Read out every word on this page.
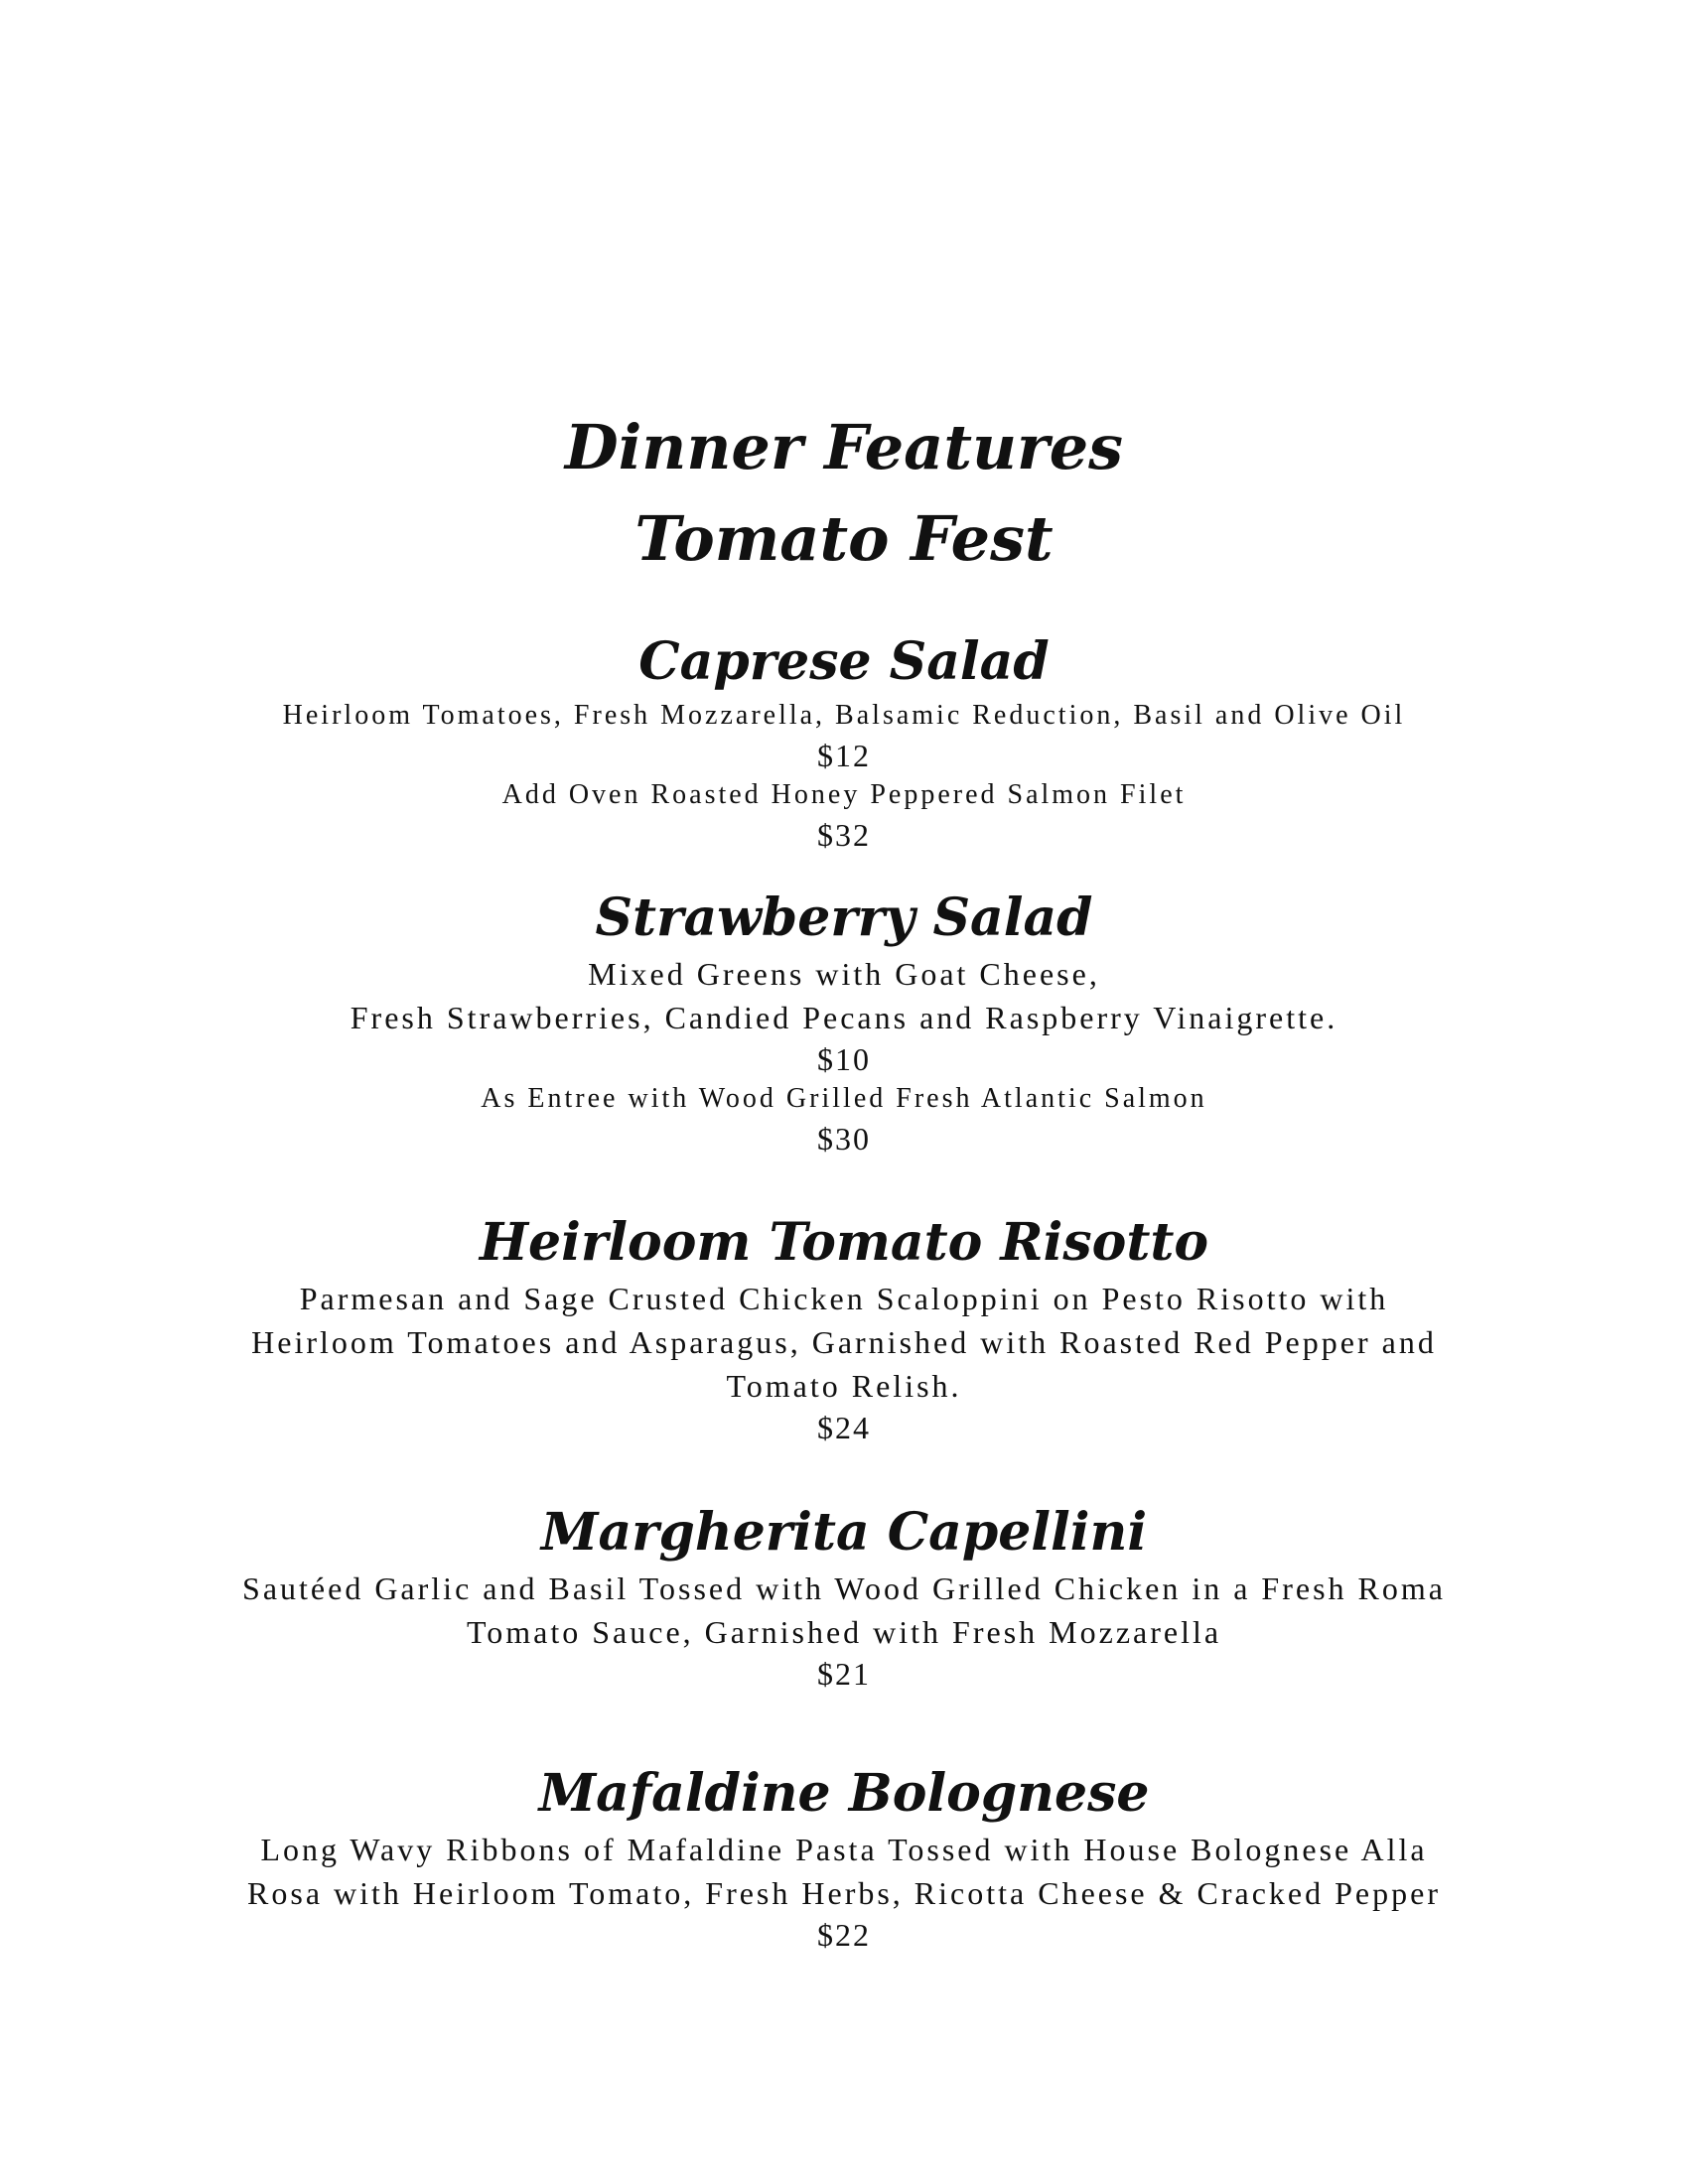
Dinner Features
Tomato Fest
Caprese Salad
Heirloom Tomatoes, Fresh Mozzarella, Balsamic Reduction, Basil and Olive Oil
$12
Add Oven Roasted Honey Peppered Salmon Filet
$32
Strawberry Salad
Mixed Greens with Goat Cheese,
Fresh Strawberries, Candied Pecans and Raspberry Vinaigrette.
$10
As Entree with Wood Grilled Fresh Atlantic Salmon
$30
Heirloom Tomato Risotto
Parmesan and Sage Crusted Chicken Scaloppini on Pesto Risotto with
Heirloom Tomatoes and Asparagus, Garnished with Roasted Red Pepper and
Tomato Relish.
$24
Margherita Capellini
Sautéed Garlic and Basil Tossed with Wood Grilled Chicken in a Fresh Roma
Tomato Sauce, Garnished with Fresh Mozzarella
$21
Mafaldine Bolognese
Long Wavy Ribbons of Mafaldine Pasta Tossed with House Bolognese Alla
Rosa with Heirloom Tomato, Fresh Herbs, Ricotta Cheese & Cracked Pepper
$22
